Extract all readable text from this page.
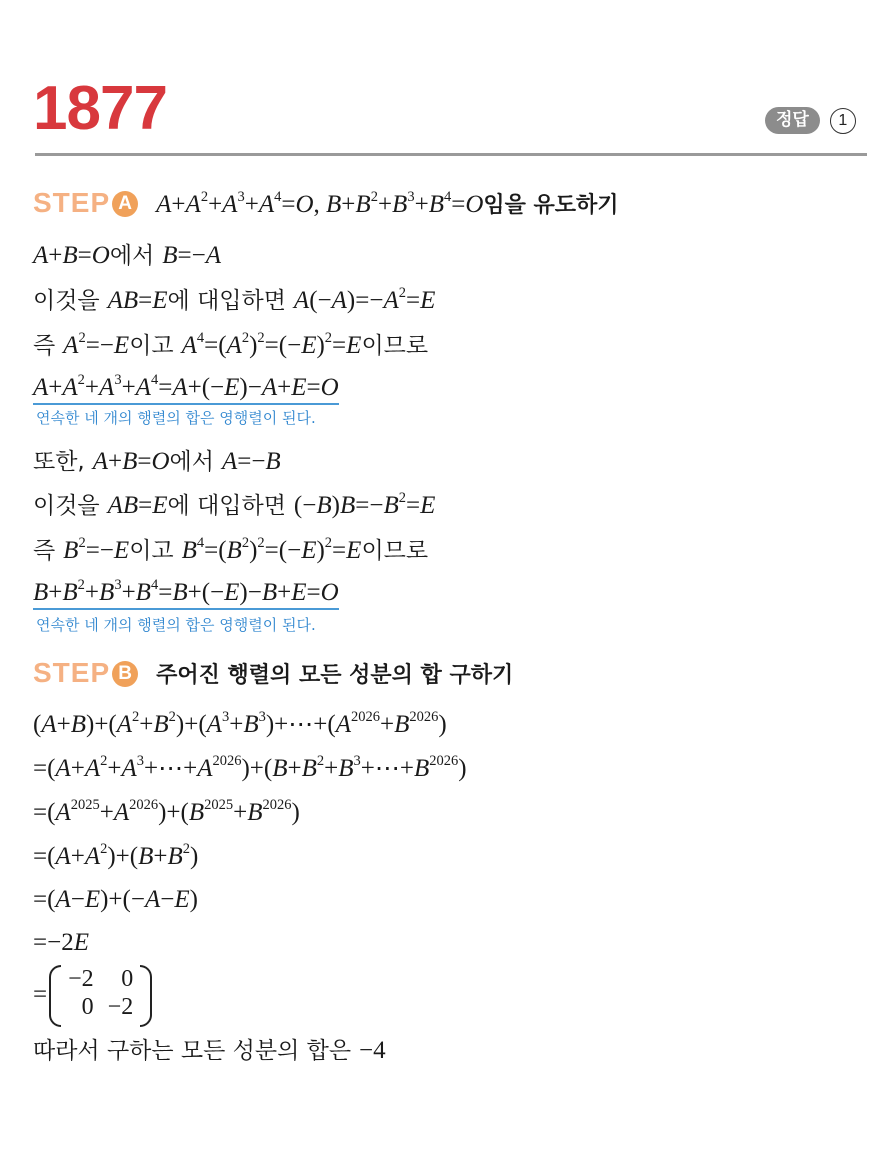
1877	정답	1
STEP A $A+A^2+A^3+A^4=O$, $B+B^2+B^3+B^4=O$임을 유도하기
A+B=O에서 B=−A
이것을 AB=E에 대입하면 $A(-A)=-A^2=E$
즉 $A^2=-E$이고 $A^4=(A^2)^2=(-E)^2=E$이므로
$A+A^2+A^3+A^4=A+(-E)-A+E=O$
연속한 네 개의 행렬의 합은 영행렬이 된다.
또한, A+B=O에서 A=−B
이것을 AB=E에 대입하면 $(-B)B=-B^2=E$
즉 $B^2=-E$이고 $B^4=(B^2)^2=(-E)^2=E$이므로
$B+B^2+B^3+B^4=B+(-E)-B+E=O$
연속한 네 개의 행렬의 합은 영행렬이 된다.
STEP B 주어진 행렬의 모든 성분의 합 구하기
$(A+B)+(A^2+B^2)+(A^3+B^3)+\cdots+(A^{2026}+B^{2026})$
$=(A+A^2+A^3+\cdots+A^{2026})+(B+B^2+B^3+\cdots+B^{2026})$
$=(A^{2025}+A^{2026})+(B^{2025}+B^{2026})$
$=(A+A^2)+(B+B^2)$
=(A−E)+(−A−E)
=−2E
=
−2	0
0	−2
따라서 구하는 모든 성분의 합은 −4
